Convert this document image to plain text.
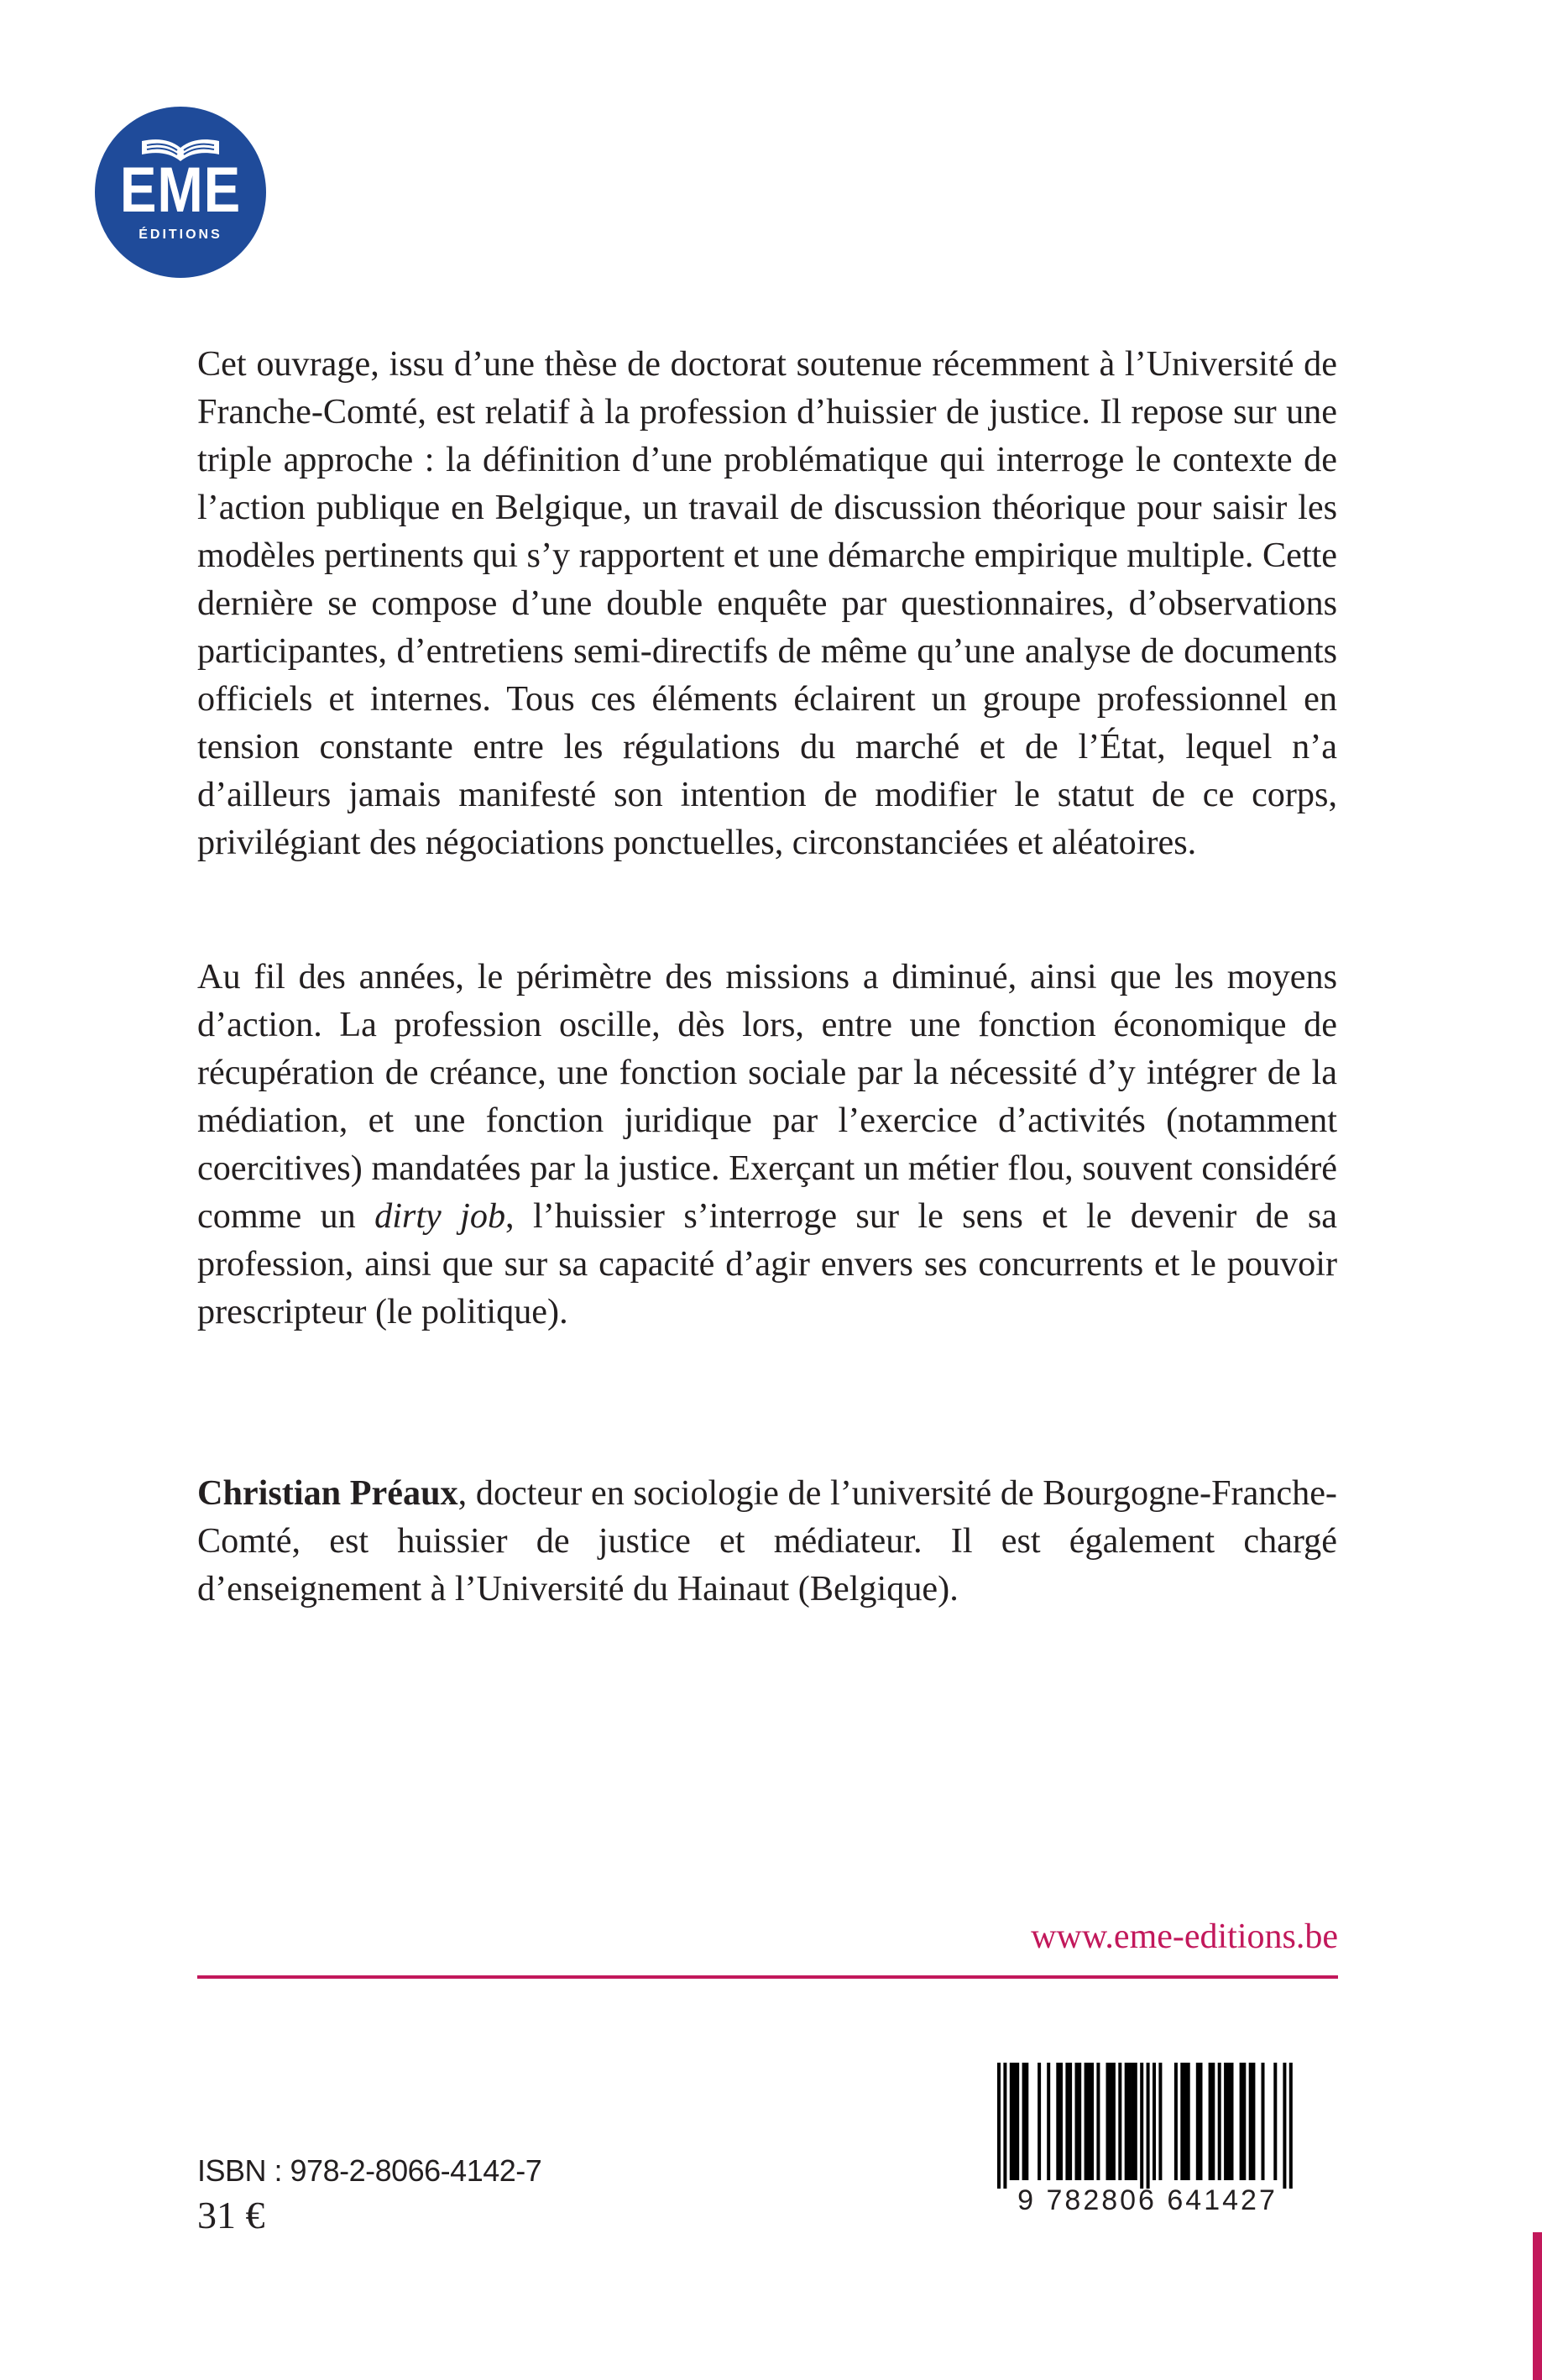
EME
ÉDITIONS

Cet ouvrage, issu d’une thèse de doctorat soutenue récemment à l’Université de Franche-Comté, est relatif à la profession d’huissier de justice. Il repose sur une triple approche : la définition d’une problématique qui interroge le contexte de l’action publique en Belgique, un travail de discussion théorique pour saisir les modèles pertinents qui s’y rapportent et une démarche empirique multiple. Cette dernière se compose d’une double enquête par questionnaires, d’observations participantes, d’entretiens semi-directifs de même qu’une analyse de documents officiels et internes. Tous ces éléments éclairent un groupe professionnel en tension constante entre les régulations du marché et de l’État, lequel n’a d’ailleurs jamais manifesté son intention de modifier le statut de ce corps, privilégiant des négociations ponctuelles, circonstanciées et aléatoires.

Au fil des années, le périmètre des missions a diminué, ainsi que les moyens d’action. La profession oscille, dès lors, entre une fonction économique de récupération de créance, une fonction sociale par la nécessité d’y intégrer de la médiation, et une fonction juridique par l’exercice d’activités (notamment coercitives) mandatées par la justice. Exerçant un métier flou, souvent considéré comme un dirty job, l’huissier s’interroge sur le sens et le devenir de sa profession, ainsi que sur sa capacité d’agir envers ses concurrents et le pouvoir prescripteur (le politique).

Christian Préaux, docteur en sociologie de l’université de Bourgogne-Franche-Comté, est huissier de justice et médiateur. Il est également chargé d’enseignement à l’Université du Hainaut (Belgique).

www.eme-editions.be
ISBN : 978-2-8066-4142-7
31 €	9 782806 641427
